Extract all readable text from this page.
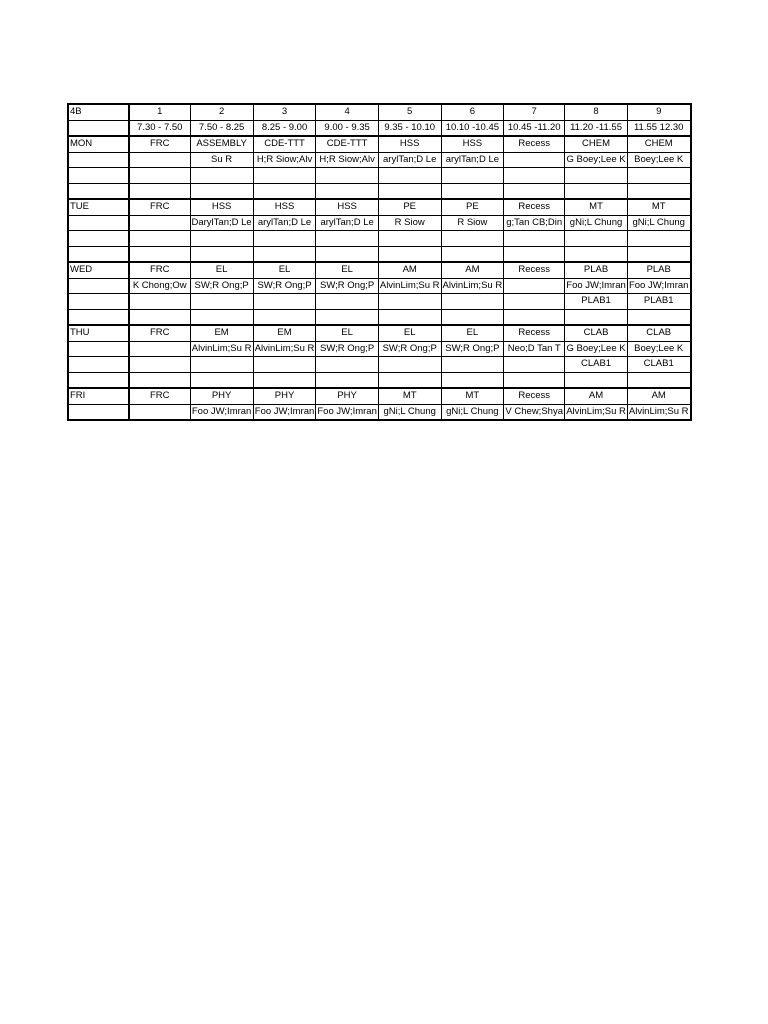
4B	1	2	3	4	5	6	7	8	9
	7.30 - 7.50	7.50 - 8.25	8.25 - 9.00	9.00 - 9.35	9.35 - 10.10	10.10 -10.45	10.45 -11.20	11.20 -11.55	11.55 12.30
MON	FRC	ASSEMBLY	CDE-TTT	CDE-TTT	HSS	HSS	Recess	CHEM	CHEM
		Su R	H;R Siow;Alv	H;R Siow;Alv	arylTan;D Le	arylTan;D Le		G Boey;Lee K	Boey;Lee K

TUE	FRC	HSS	HSS	HSS	PE	PE	Recess	MT	MT
		DarylTan;D Le	arylTan;D Le	arylTan;D Le	R Siow	R Siow	g;Tan CB;Din	gNi;L Chung	gNi;L Chung

WED	FRC	EL	EL	EL	AM	AM	Recess	PLAB	PLAB
	K Chong;Ow	SW;R Ong;P	SW;R Ong;P	SW;R Ong;P	AlvinLim;Su R	AlvinLim;Su R		Foo JW;Imran	Foo JW;Imran
								PLAB1	PLAB1

THU	FRC	EM	EM	EL	EL	EL	Recess	CLAB	CLAB
		AlvinLim;Su R	AlvinLim;Su R	SW;R Ong;P	SW;R Ong;P	SW;R Ong;P	Neo;D Tan T	G Boey;Lee K	Boey;Lee K
								CLAB1	CLAB1

FRI	FRC	PHY	PHY	PHY	MT	MT	Recess	AM	AM
		Foo JW;Imran	Foo JW;Imran	Foo JW;Imran	gNi;L Chung	gNi;L Chung	V Chew;Shya	AlvinLim;Su R	AlvinLim;Su R
